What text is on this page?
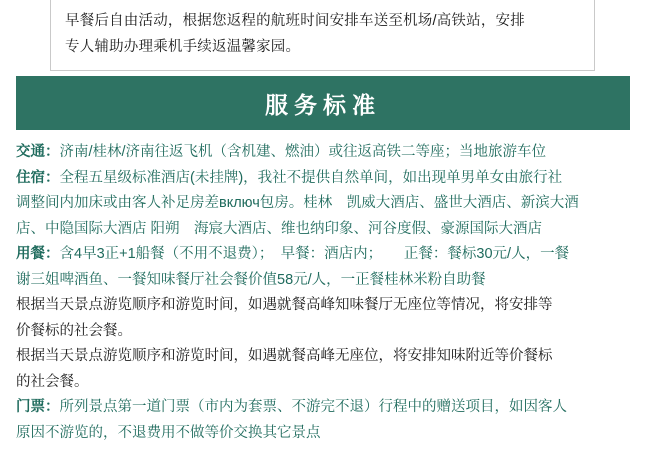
早餐后自由活动，根据您返程的航班时间安排车送至机场/高铁站，安排

专人辅助办理乘机手续返温馨家园。

服务标准
交通：济南/桂林/济南往返飞机（含机建、燃油）或往返高铁二等座；当地旅游车位
住宿：全程五星级标准酒店(未挂牌)，我社不提供自然单间，如出现单男单女由旅行社
调整间内加床或由客人补足房差включ包房。桂林　凯威大酒店、盛世大酒店、新滨大酒
店、中隐国际大酒店 阳朔　海宸大酒店、维也纳印象、河谷度假、豪源国际大酒店
用餐：含4早3正+1船餐（不用不退费）；　早餐：酒店内；　　正餐：餐标30元/人，一餐
谢三姐啤酒鱼、一餐知味餐厅社会餐价值58元/人，一正餐桂林米粉自助餐
根据当天景点游览顺序和游览时间，如遇就餐高峰知味餐厅无座位等情况，将安排等
价餐标的社会餐。
根据当天景点游览顺序和游览时间，如遇就餐高峰无座位，将安排知味附近等价餐标
的社会餐。
门票：所列景点第一道门票（市内为套票、不游完不退）行程中的赠送项目，如因客人
原因不游览的，不退费用不做等价交换其它景点
